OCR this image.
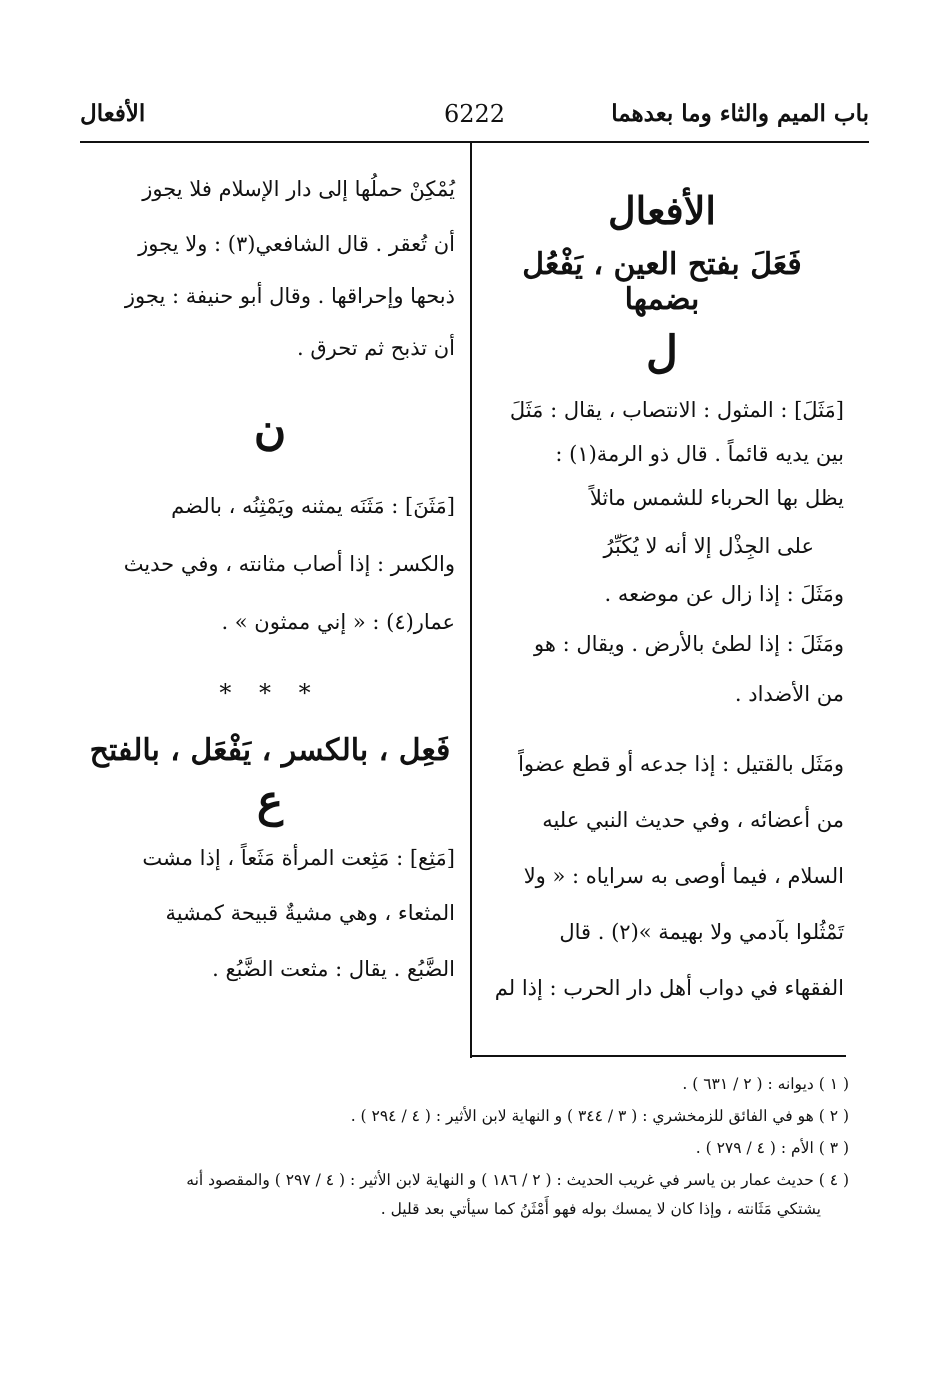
باب الميم والثاء وما بعدهما
6222
الأفعال

الأفعال

فَعَلَ بفتح العين ، يَفْعُل بضمها

ل

[مَثَلَ] : المثول : الانتصاب ، يقال : مَثَلَ

بين يديه قائماً . قال ذو الرمة(١) :

يظل بها الحرباء للشمس ماثلاً

على الجِذْل إلا أنه لا يُكَبِّرُ

ومَثَلَ : إذا زال عن موضعه .

ومَثَلَ : إذا لطئ بالأرض . ويقال : هو

من الأضداد .

ومَثَل بالقتيل : إذا جدعه أو قطع عضواً

من أعضائه ، وفي حديث النبي عليه

السلام ، فيما أوصى به سراياه : « ولا

تَمْثُلوا بآدمي ولا بهيمة »(٢) . قال

الفقهاء في دواب أهل دار الحرب : إذا لم

يُمْكِنْ حملُها إلى دار الإسلام فلا يجوز

أن تُعقر . قال الشافعي(٣) : ولا يجوز

ذبحها وإحراقها . وقال أبو حنيفة : يجوز

أن تذبح ثم تحرق .

ن

[مَثَنَ] : مَثَنَه يمثنه ويَمْثِنُه ، بالضم

والكسر : إذا أصاب مثانته ، وفي حديث

عمار(٤) : « إني ممثون » .

* * *

فَعِل ، بالكسر ، يَفْعَل ، بالفتح

ع

[مَثِع] : مَثِعت المرأة مَثَعاً ، إذا مشت

المثعاء ، وهي مشيةٌ قبيحة كمشية

الضَّبُع . يقال : مثعت الضَّبُع .

( ١ ) ديوانه : ( ٢ / ٦٣١ ) .

( ٢ ) هو في الفائق للزمخشري : ( ٣ / ٣٤٤ ) و النهاية لابن الأثير : ( ٤ / ٢٩٤ ) .

( ٣ ) الأم : ( ٤ / ٢٧٩ ) .

( ٤ ) حديث عمار بن ياسر في غريب الحديث : ( ٢ / ١٨٦ ) و النهاية لابن الأثير : ( ٤ / ٢٩٧ ) والمقصود أنه

يشتكي مَثَانته ، وإذا كان لا يمسك بوله فهو أَمْثَنُ كما سيأتي بعد قليل .
